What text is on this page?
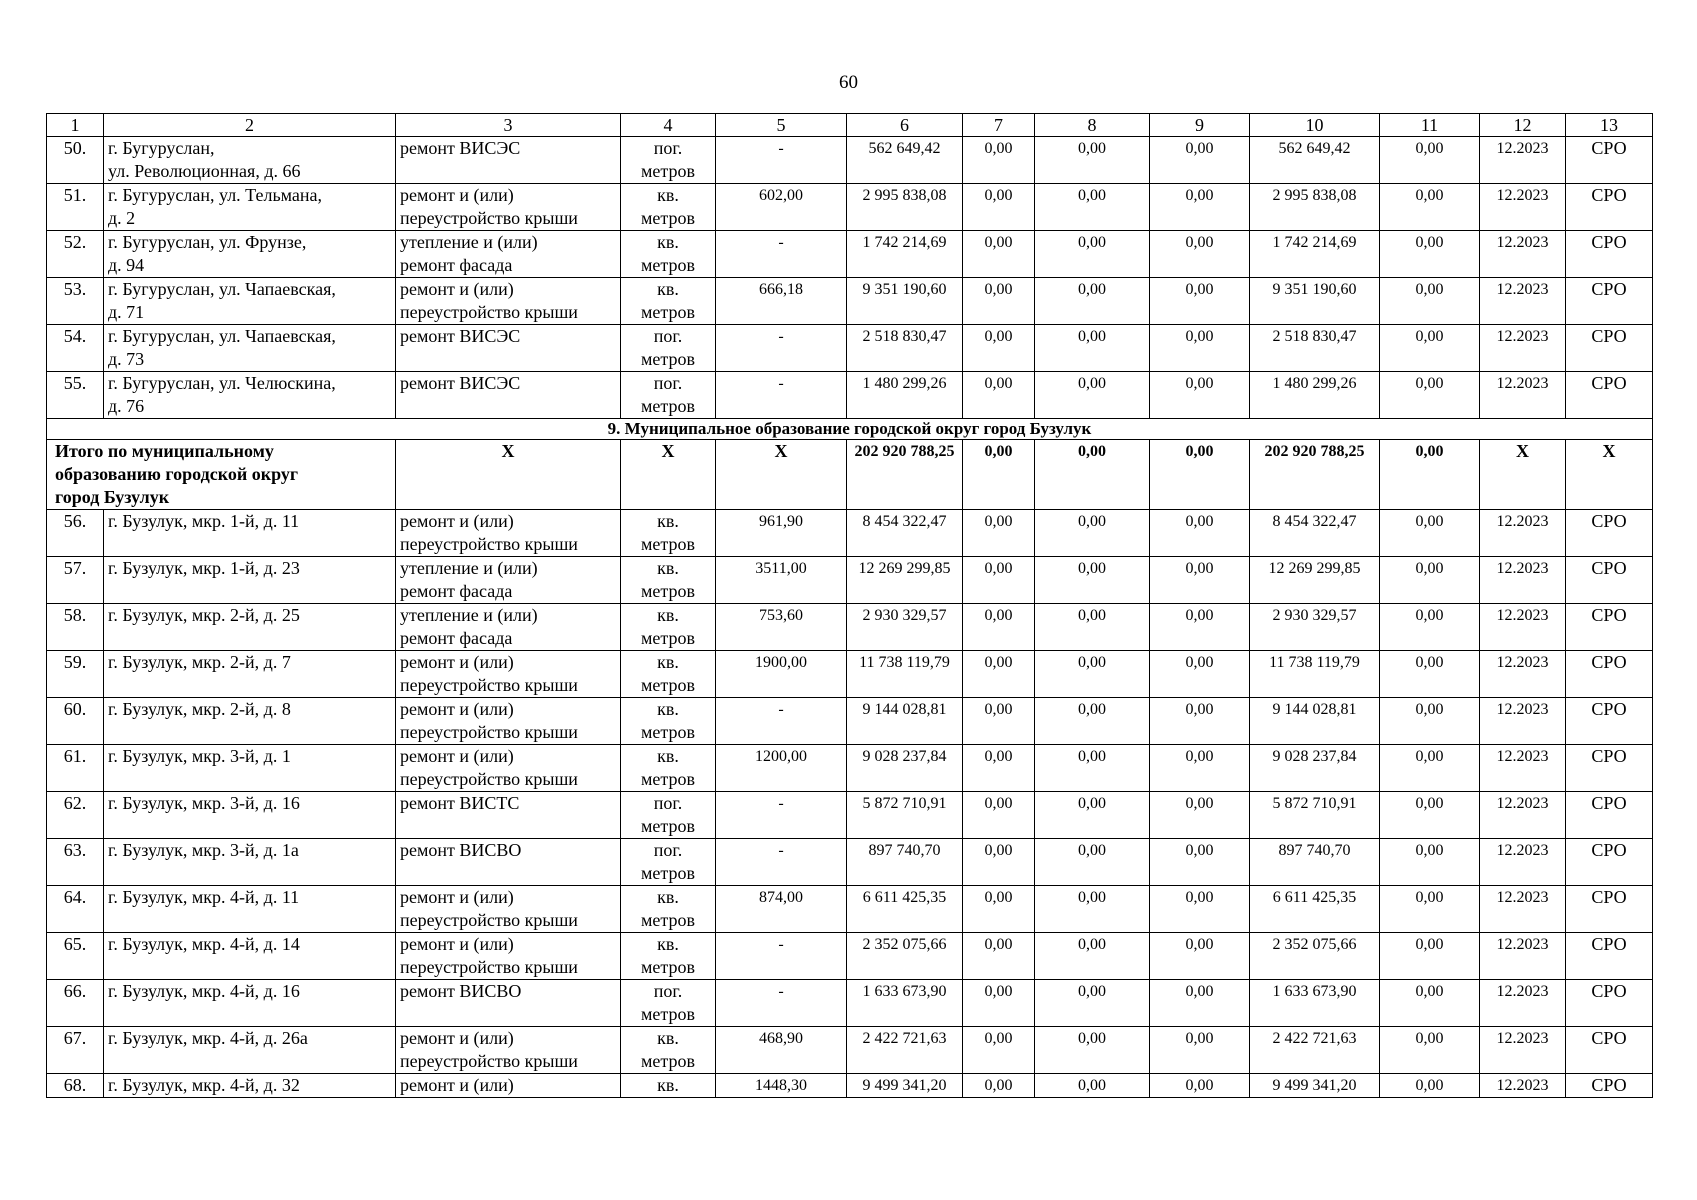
60
1	2	3	4	5	6	7	8	9	10	11	12	13
50.	г. Бугуруслан,
ул. Революционная, д. 66	ремонт ВИСЭС	пог.
метров	-	562 649,42	0,00	0,00	0,00	562 649,42	0,00	12.2023	СРО
51.	г. Бугуруслан, ул. Тельмана,
д. 2	ремонт и (или)
переустройство крыши	кв.
метров	602,00	2 995 838,08	0,00	0,00	0,00	2 995 838,08	0,00	12.2023	СРО
52.	г. Бугуруслан, ул. Фрунзе,
д. 94	утепление и (или)
ремонт фасада	кв.
метров	-	1 742 214,69	0,00	0,00	0,00	1 742 214,69	0,00	12.2023	СРО
53.	г. Бугуруслан, ул. Чапаевская,
д. 71	ремонт и (или)
переустройство крыши	кв.
метров	666,18	9 351 190,60	0,00	0,00	0,00	9 351 190,60	0,00	12.2023	СРО
54.	г. Бугуруслан, ул. Чапаевская,
д. 73	ремонт ВИСЭС	пог.
метров	-	2 518 830,47	0,00	0,00	0,00	2 518 830,47	0,00	12.2023	СРО
55.	г. Бугуруслан, ул. Челюскина,
д. 76	ремонт ВИСЭС	пог.
метров	-	1 480 299,26	0,00	0,00	0,00	1 480 299,26	0,00	12.2023	СРО
9. Муниципальное образование городской округ город Бузулук												
Итого по муниципальному
образованию городской округ
город Бузулук		X	X	X	202 920 788,25	0,00	0,00	0,00	202 920 788,25	0,00	X	X
56.	г. Бузулук, мкр. 1-й, д. 11	ремонт и (или)
переустройство крыши	кв.
метров	961,90	8 454 322,47	0,00	0,00	0,00	8 454 322,47	0,00	12.2023	СРО
57.	г. Бузулук, мкр. 1-й, д. 23	утепление и (или)
ремонт фасада	кв.
метров	3511,00	12 269 299,85	0,00	0,00	0,00	12 269 299,85	0,00	12.2023	СРО
58.	г. Бузулук, мкр. 2-й, д. 25	утепление и (или)
ремонт фасада	кв.
метров	753,60	2 930 329,57	0,00	0,00	0,00	2 930 329,57	0,00	12.2023	СРО
59.	г. Бузулук, мкр. 2-й, д. 7	ремонт и (или)
переустройство крыши	кв.
метров	1900,00	11 738 119,79	0,00	0,00	0,00	11 738 119,79	0,00	12.2023	СРО
60.	г. Бузулук, мкр. 2-й, д. 8	ремонт и (или)
переустройство крыши	кв.
метров	-	9 144 028,81	0,00	0,00	0,00	9 144 028,81	0,00	12.2023	СРО
61.	г. Бузулук, мкр. 3-й, д. 1	ремонт и (или)
переустройство крыши	кв.
метров	1200,00	9 028 237,84	0,00	0,00	0,00	9 028 237,84	0,00	12.2023	СРО
62.	г. Бузулук, мкр. 3-й, д. 16	ремонт ВИСТС	пог.
метров	-	5 872 710,91	0,00	0,00	0,00	5 872 710,91	0,00	12.2023	СРО
63.	г. Бузулук, мкр. 3-й, д. 1а	ремонт ВИСВО	пог.
метров	-	897 740,70	0,00	0,00	0,00	897 740,70	0,00	12.2023	СРО
64.	г. Бузулук, мкр. 4-й, д. 11	ремонт и (или)
переустройство крыши	кв.
метров	874,00	6 611 425,35	0,00	0,00	0,00	6 611 425,35	0,00	12.2023	СРО
65.	г. Бузулук, мкр. 4-й, д. 14	ремонт и (или)
переустройство крыши	кв.
метров	-	2 352 075,66	0,00	0,00	0,00	2 352 075,66	0,00	12.2023	СРО
66.	г. Бузулук, мкр. 4-й, д. 16	ремонт ВИСВО	пог.
метров	-	1 633 673,90	0,00	0,00	0,00	1 633 673,90	0,00	12.2023	СРО
67.	г. Бузулук, мкр. 4-й, д. 26а	ремонт и (или)
переустройство крыши	кв.
метров	468,90	2 422 721,63	0,00	0,00	0,00	2 422 721,63	0,00	12.2023	СРО
68.	г. Бузулук, мкр. 4-й, д. 32	ремонт и (или)	кв.	1448,30	9 499 341,20	0,00	0,00	0,00	9 499 341,20	0,00	12.2023	СРО
